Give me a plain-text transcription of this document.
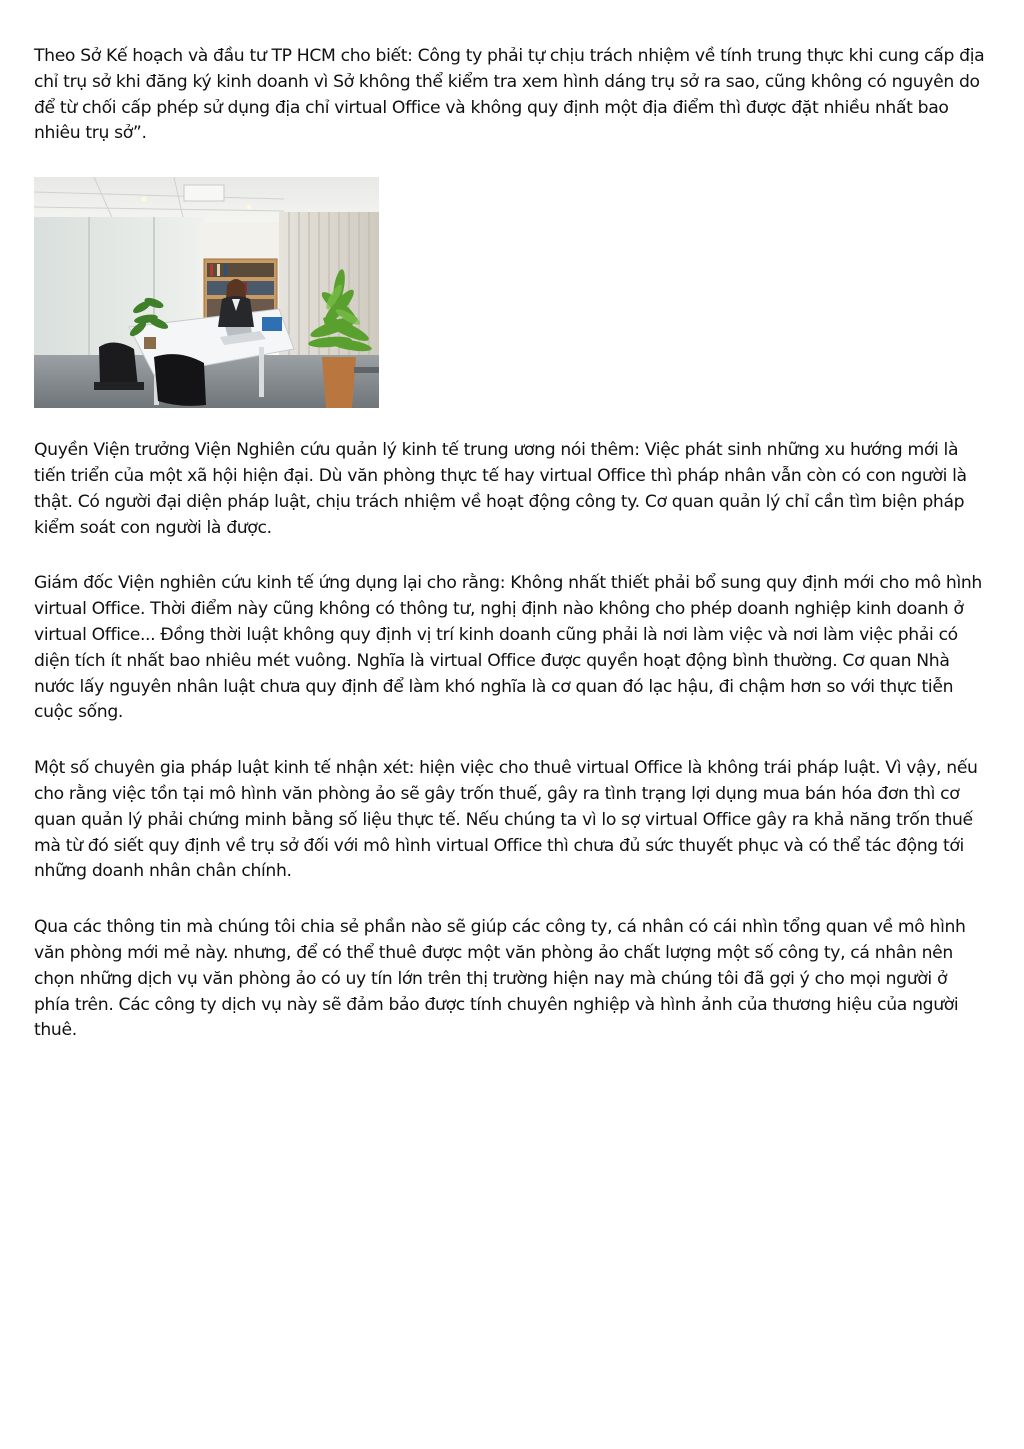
Theo Sở Kế hoạch và đầu tư TP HCM cho biết: Công ty phải tự chịu trách nhiệm về tính trung thực khi cung cấp địa chỉ trụ sở khi đăng ký kinh doanh vì Sở không thể kiểm tra xem hình dáng trụ sở ra sao, cũng không có nguyên do để từ chối cấp phép sử dụng địa chỉ virtual Office và không quy định một địa điểm thì được đặt nhiều nhất bao nhiêu trụ sở”.

Quyền Viện trưởng Viện Nghiên cứu quản lý kinh tế trung ương nói thêm: Việc phát sinh những xu hướng mới là tiến triển của một xã hội hiện đại. Dù văn phòng thực tế hay virtual Office thì pháp nhân vẫn còn có con người là thật. Có người đại diện pháp luật, chịu trách nhiệm về hoạt động công ty. Cơ quan quản lý chỉ cần tìm biện pháp kiểm soát con người là được.

Giám đốc Viện nghiên cứu kinh tế ứng dụng lại cho rằng: Không nhất thiết phải bổ sung quy định mới cho mô hình virtual Office. Thời điểm này cũng không có thông tư, nghị định nào không cho phép doanh nghiệp kinh doanh ở virtual Office... Đồng thời luật không quy định vị trí kinh doanh cũng phải là nơi làm việc và nơi làm việc phải có diện tích ít nhất bao nhiêu mét vuông. Nghĩa là virtual Office được quyền hoạt động bình thường. Cơ quan Nhà nước lấy nguyên nhân luật chưa quy định để làm khó nghĩa là cơ quan đó lạc hậu, đi chậm hơn so với thực tiễn cuộc sống.

Một số chuyên gia pháp luật kinh tế nhận xét: hiện việc cho thuê virtual Office là không trái pháp luật. Vì vậy, nếu cho rằng việc tồn tại mô hình văn phòng ảo sẽ gây trốn thuế, gây ra tình trạng lợi dụng mua bán hóa đơn thì cơ quan quản lý phải chứng minh bằng số liệu thực tế. Nếu chúng ta vì lo sợ virtual Office gây ra khả năng trốn thuế mà từ đó siết quy định về trụ sở đối với mô hình virtual Office thì chưa đủ sức thuyết phục và có thể tác động tới những doanh nhân chân chính.

Qua các thông tin mà chúng tôi chia sẻ phần nào sẽ giúp các công ty, cá nhân có cái nhìn tổng quan về mô hình văn phòng mới mẻ này. nhưng, để có thể thuê được một văn phòng ảo chất lượng một số công ty, cá nhân nên chọn những dịch vụ văn phòng ảo có uy tín lớn trên thị trường hiện nay mà chúng tôi đã gợi ý cho mọi người ở phía trên. Các công ty dịch vụ này sẽ đảm bảo được tính chuyên nghiệp và hình ảnh của thương hiệu của người thuê.
